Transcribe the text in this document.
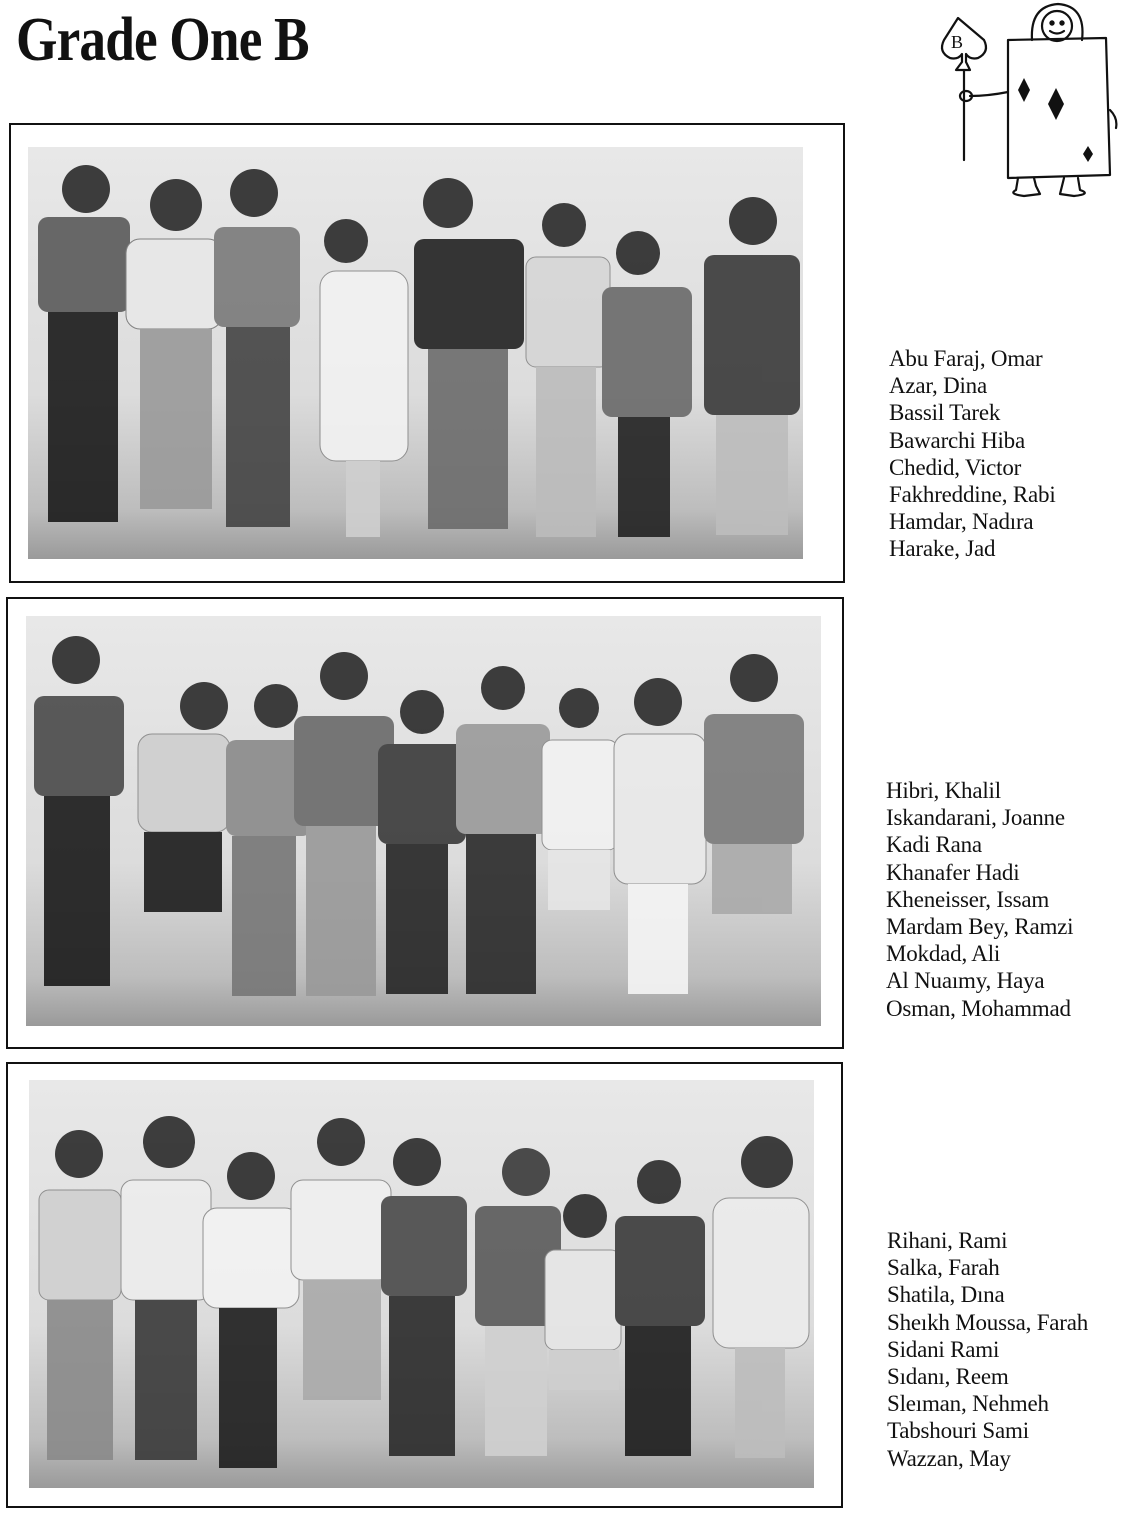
Grade One B	B
Abu Faraj, Omar
Azar, Dina
Bassil Tarek
Bawarchi Hiba
Chedid, Victor
Fakhreddine, Rabi
Hamdar, Nadıra
Harake, Jad
Hibri, Khalil
Iskandarani, Joanne
Kadi Rana
Khanafer Hadi
Kheneisser, Issam
Mardam Bey, Ramzi
Mokdad, Ali
Al Nuaımy, Haya
Osman, Mohammad
Rihani, Rami
Salka, Farah
Shatila, Dına
Sheıkh Moussa, Farah
Sidani Rami
Sıdanı, Reem
Sleıman, Nehmeh
Tabshouri Sami
Wazzan, May
